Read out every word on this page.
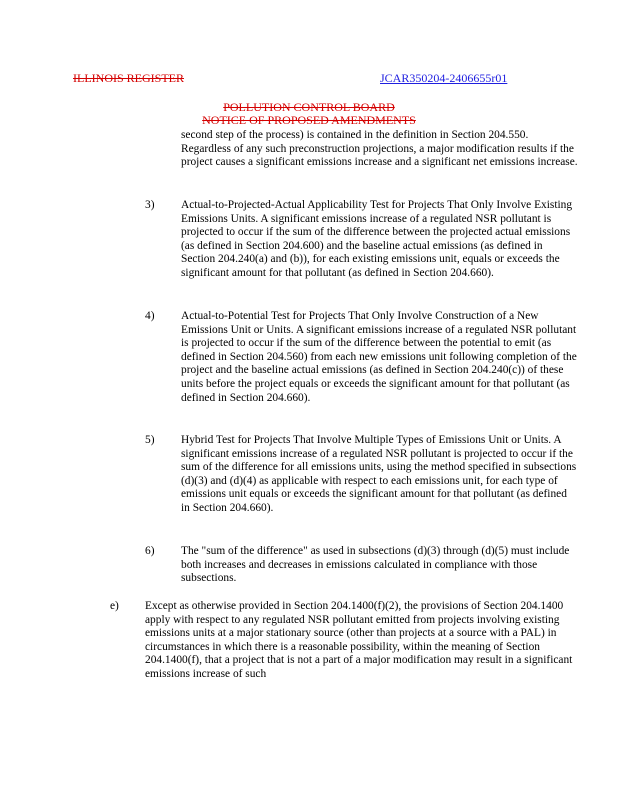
ILLINOIS REGISTER	JCAR350204-2406655r01
POLLUTION CONTROL BOARD
NOTICE OF PROPOSED AMENDMENTS
second step of the process) is contained in the definition in Section 204.550. Regardless of any such preconstruction projections, a major modification results if the project causes a significant emissions increase and a significant net emissions increase.
3) Actual-to-Projected-Actual Applicability Test for Projects That Only Involve Existing Emissions Units. A significant emissions increase of a regulated NSR pollutant is projected to occur if the sum of the difference between the projected actual emissions (as defined in Section 204.600) and the baseline actual emissions (as defined in Section 204.240(a) and (b)), for each existing emissions unit, equals or exceeds the significant amount for that pollutant (as defined in Section 204.660).
4) Actual-to-Potential Test for Projects That Only Involve Construction of a New Emissions Unit or Units. A significant emissions increase of a regulated NSR pollutant is projected to occur if the sum of the difference between the potential to emit (as defined in Section 204.560) from each new emissions unit following completion of the project and the baseline actual emissions (as defined in Section 204.240(c)) of these units before the project equals or exceeds the significant amount for that pollutant (as defined in Section 204.660).
5) Hybrid Test for Projects That Involve Multiple Types of Emissions Unit or Units. A significant emissions increase of a regulated NSR pollutant is projected to occur if the sum of the difference for all emissions units, using the method specified in subsections (d)(3) and (d)(4) as applicable with respect to each emissions unit, for each type of emissions unit equals or exceeds the significant amount for that pollutant (as defined in Section 204.660).
6) The "sum of the difference" as used in subsections (d)(3) through (d)(5) must include both increases and decreases in emissions calculated in compliance with those subsections.
e) Except as otherwise provided in Section 204.1400(f)(2), the provisions of Section 204.1400 apply with respect to any regulated NSR pollutant emitted from projects involving existing emissions units at a major stationary source (other than projects at a source with a PAL) in circumstances in which there is a reasonable possibility, within the meaning of Section 204.1400(f), that a project that is not a part of a major modification may result in a significant emissions increase of such
